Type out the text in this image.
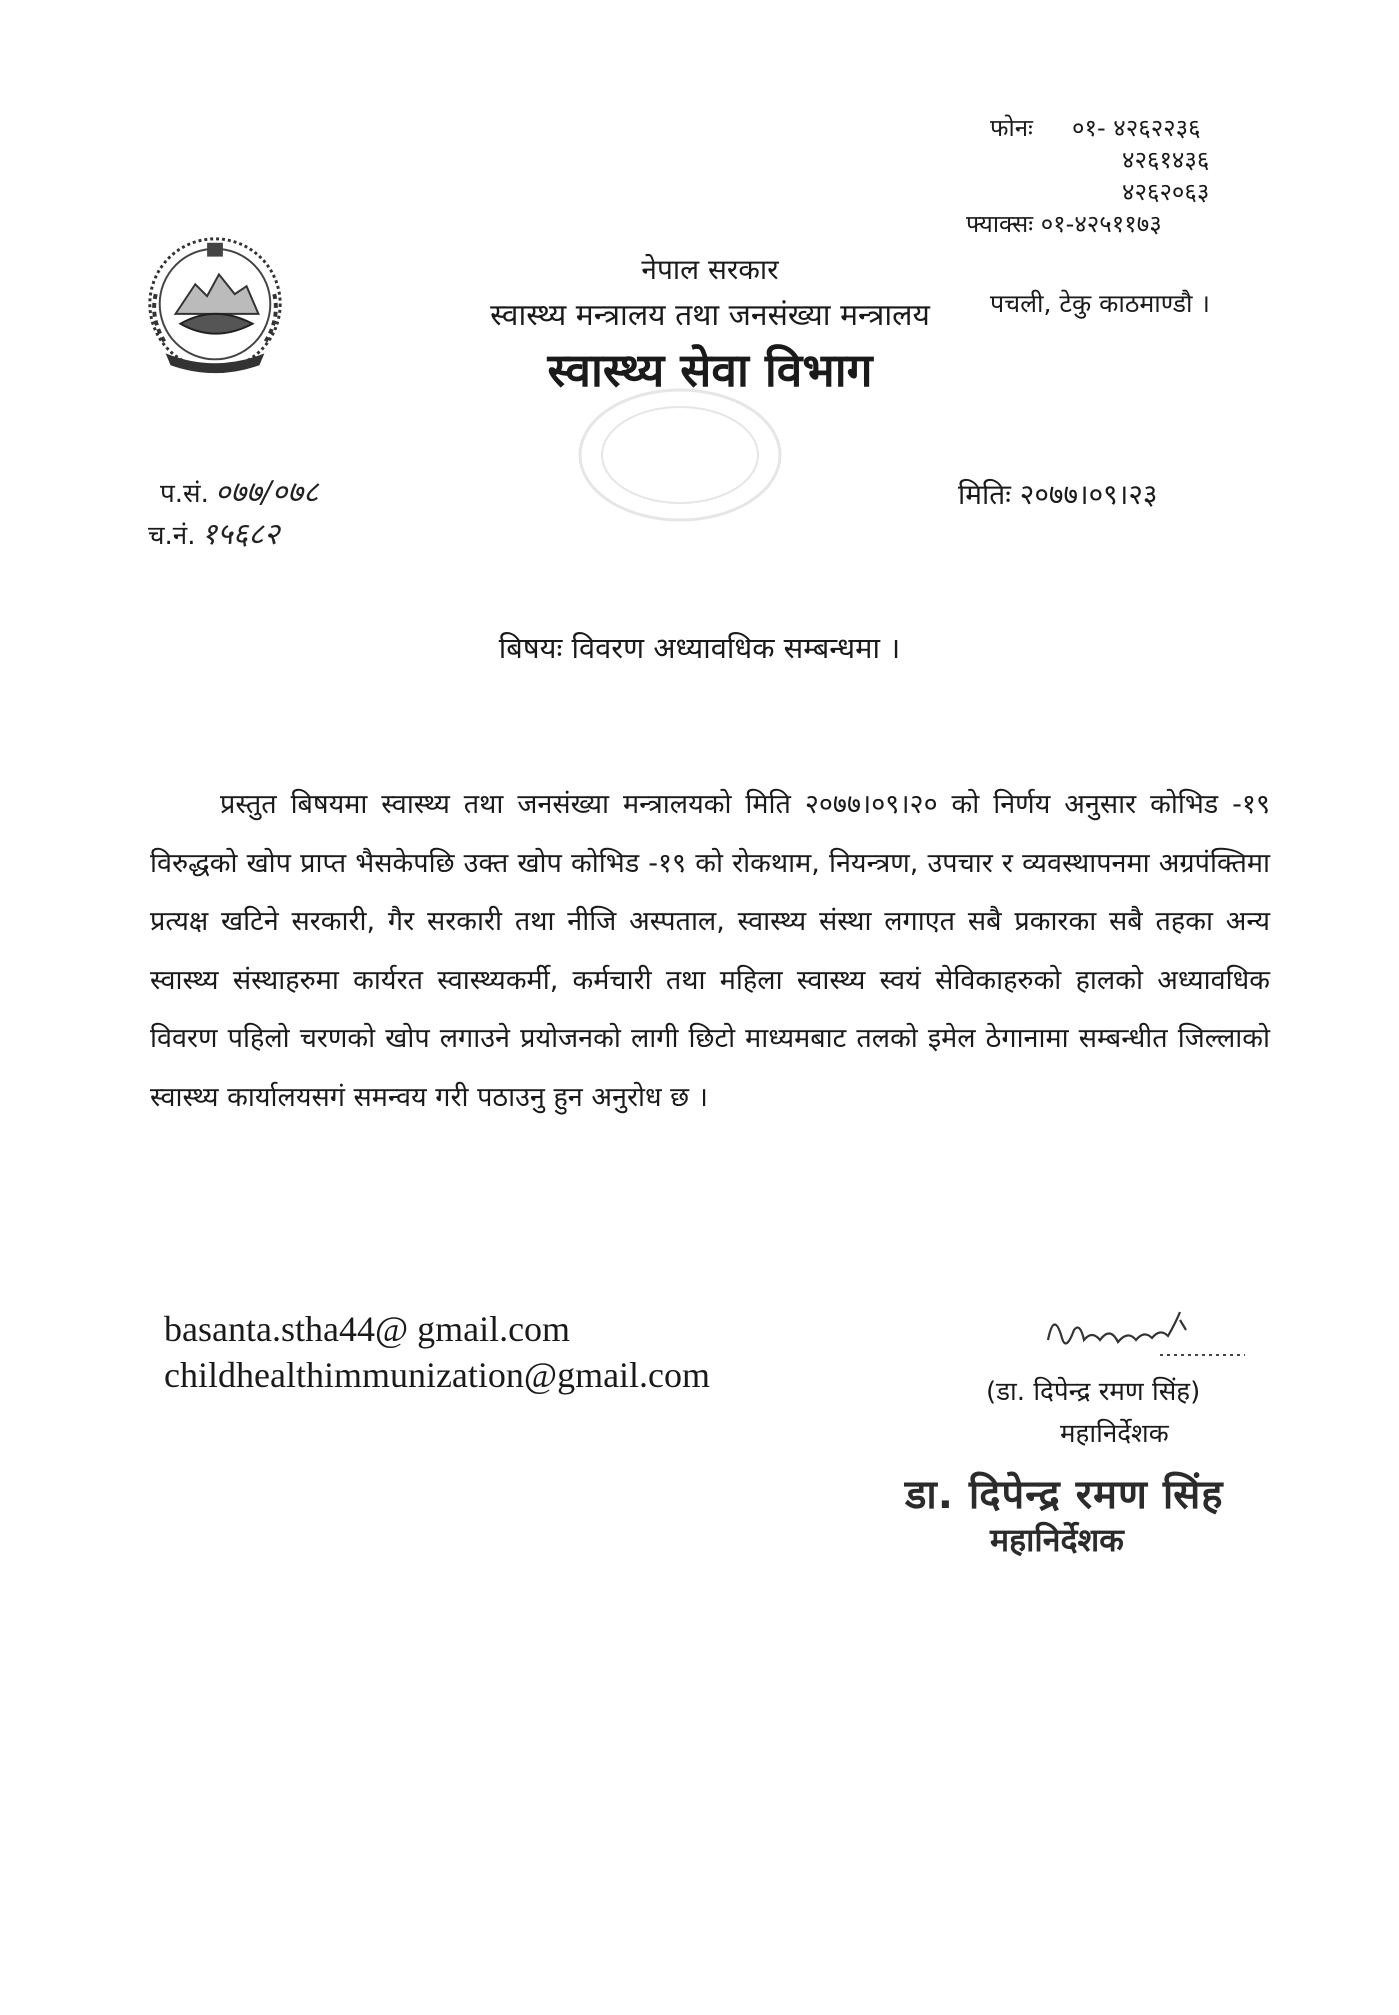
फोनः ०१- ४२६२२३६
४२६१४३६
४२६२०६३
फ्याक्सः ०१-४२५११७३
नेपाल सरकार
स्वास्थ्य मन्त्रालय तथा जनसंख्या मन्त्रालय
स्वास्थ्य सेवा विभाग
पचली, टेकु काठमाण्डौ ।
प.सं. ०७७/०७८
च.नं. १५६८२
मितिः २०७७।०९।२३
बिषयः विवरण अध्यावधिक सम्बन्धमा ।
प्रस्तुत बिषयमा स्वास्थ्य तथा जनसंख्या मन्त्रालयको मिति २०७७।०९।२० को निर्णय अनुसार कोभिड -१९ विरुद्धको खोप प्राप्त भैसकेपछि उक्त खोप कोभिड -१९ को रोकथाम, नियन्त्रण, उपचार र व्यवस्थापनमा अग्रपंक्तिमा प्रत्यक्ष खटिने सरकारी, गैर सरकारी तथा नीजि अस्पताल, स्वास्थ्य संस्था लगाएत सबै प्रकारका सबै तहका अन्य स्वास्थ्य संस्थाहरुमा कार्यरत स्वास्थ्यकर्मी, कर्मचारी तथा महिला स्वास्थ्य स्वयं सेविकाहरुको हालको अध्यावधिक विवरण पहिलो चरणको खोप लगाउने प्रयोजनको लागी छिटो माध्यमबाट तलको इमेल ठेगानामा सम्बन्धीत जिल्लाको स्वास्थ्य कार्यालयसगं समन्वय गरी पठाउनु हुन अनुरोध छ ।
basanta.stha44@ gmail.com
childhealthimmunization@gmail.com	(डा. दिपेन्द्र रमण सिंह)
महानिर्देशक
डा. दिपेन्द्र रमण सिंह
महानिर्देशक
